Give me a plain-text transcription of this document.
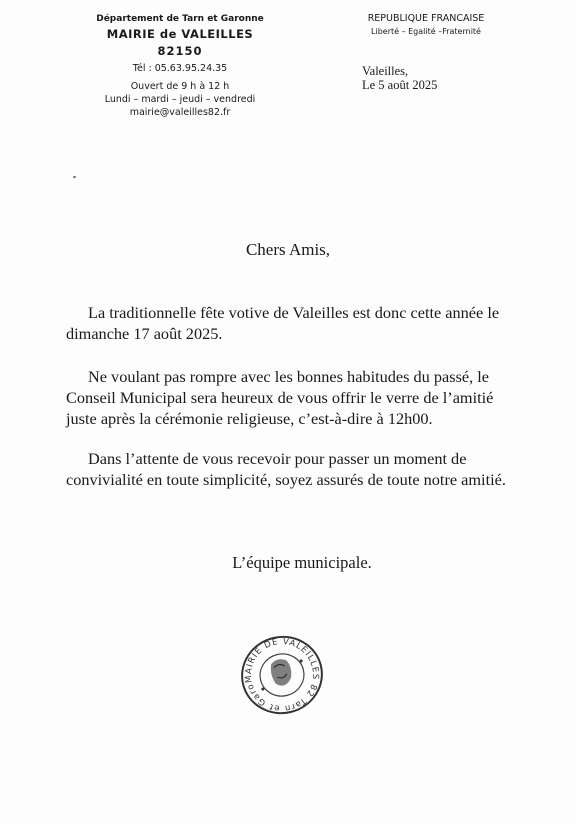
Département de Tarn et Garonne
MAIRIE de VALEILLES
82150
Tél : 05.63.95.24.35
Ouvert de 9 h à 12 h
Lundi – mardi – jeudi – vendredi
mairie@valeilles82.fr
REPUBLIQUE FRANCAISE
Liberté – Egalité –Fraternité
Valeilles,
Le 5 août 2025
Chers Amis,
La traditionnelle fête votive de Valeilles est donc cette année le
dimanche 17 août 2025.
Ne voulant pas rompre avec les bonnes habitudes du passé, le
Conseil Municipal sera heureux de vous offrir le verre de l’amitié
juste après la cérémonie religieuse, c’est-à-dire à 12h00.
Dans l’attente de vous recevoir pour passer un moment de
convivialité en toute simplicité, soyez assurés de toute notre amitié.
L’équipe municipale.
MAIRIE DE VALEILLES 82 Tarn et Garonne
